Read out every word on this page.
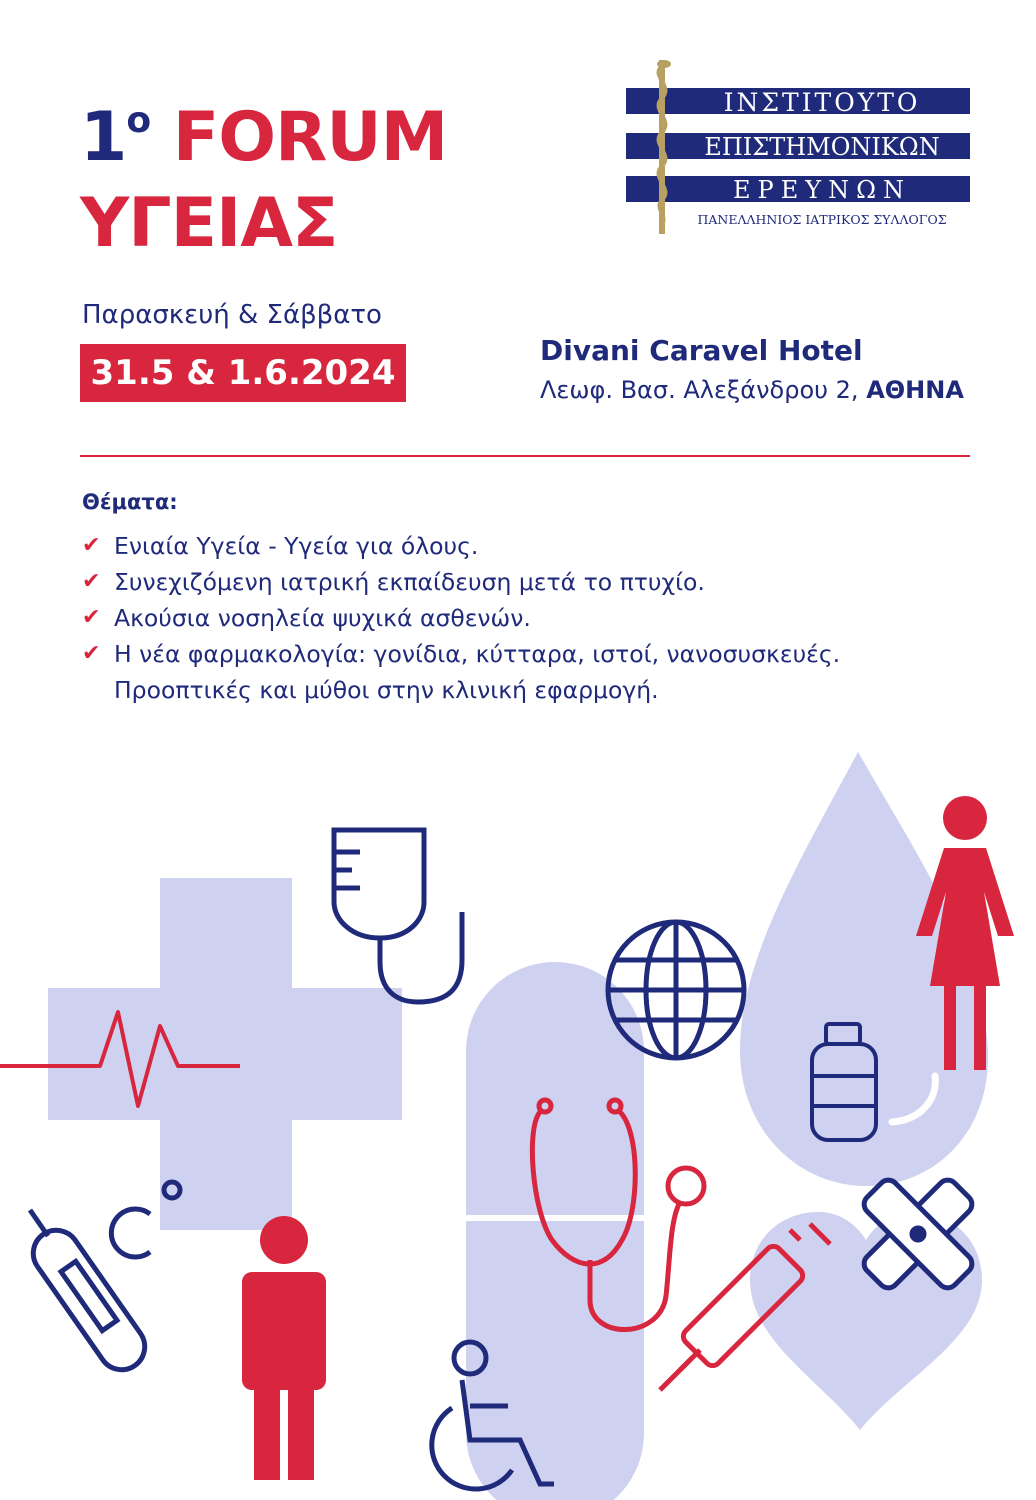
$1^o$ FORUM
ΥΓΕΙΑΣ
ΙΝΣΤΙΤΟΥΤΟ
ΕΠΙΣΤΗΜΟΝΙΚΩΝ
ΕΡΕΥΝΩΝ
ΠΑΝΕΛΛΗΝΙΟΣ ΙΑΤΡΙΚΟΣ ΣΥΛΛΟΓΟΣ
Παρασκευή & Σάββατο
31.5 & 1.6.2024
Divani Caravel Hotel
Λεωφ. Βασ. Αλεξάνδρου 2, ΑΘΗΝΑ
Θέματα:
✔ Ενιαία Υγεία - Υγεία για όλους.
✔ Συνεχιζόμενη ιατρική εκπαίδευση μετά το πτυχίο.
✔ Ακούσια νοσηλεία ψυχικά ασθενών.
✔ Η νέα φαρμακολογία: γονίδια, κύτταρα, ιστοί, νανοσυσκευές.
Προοπτικές και μύθοι στην κλινική εφαρμογή.
